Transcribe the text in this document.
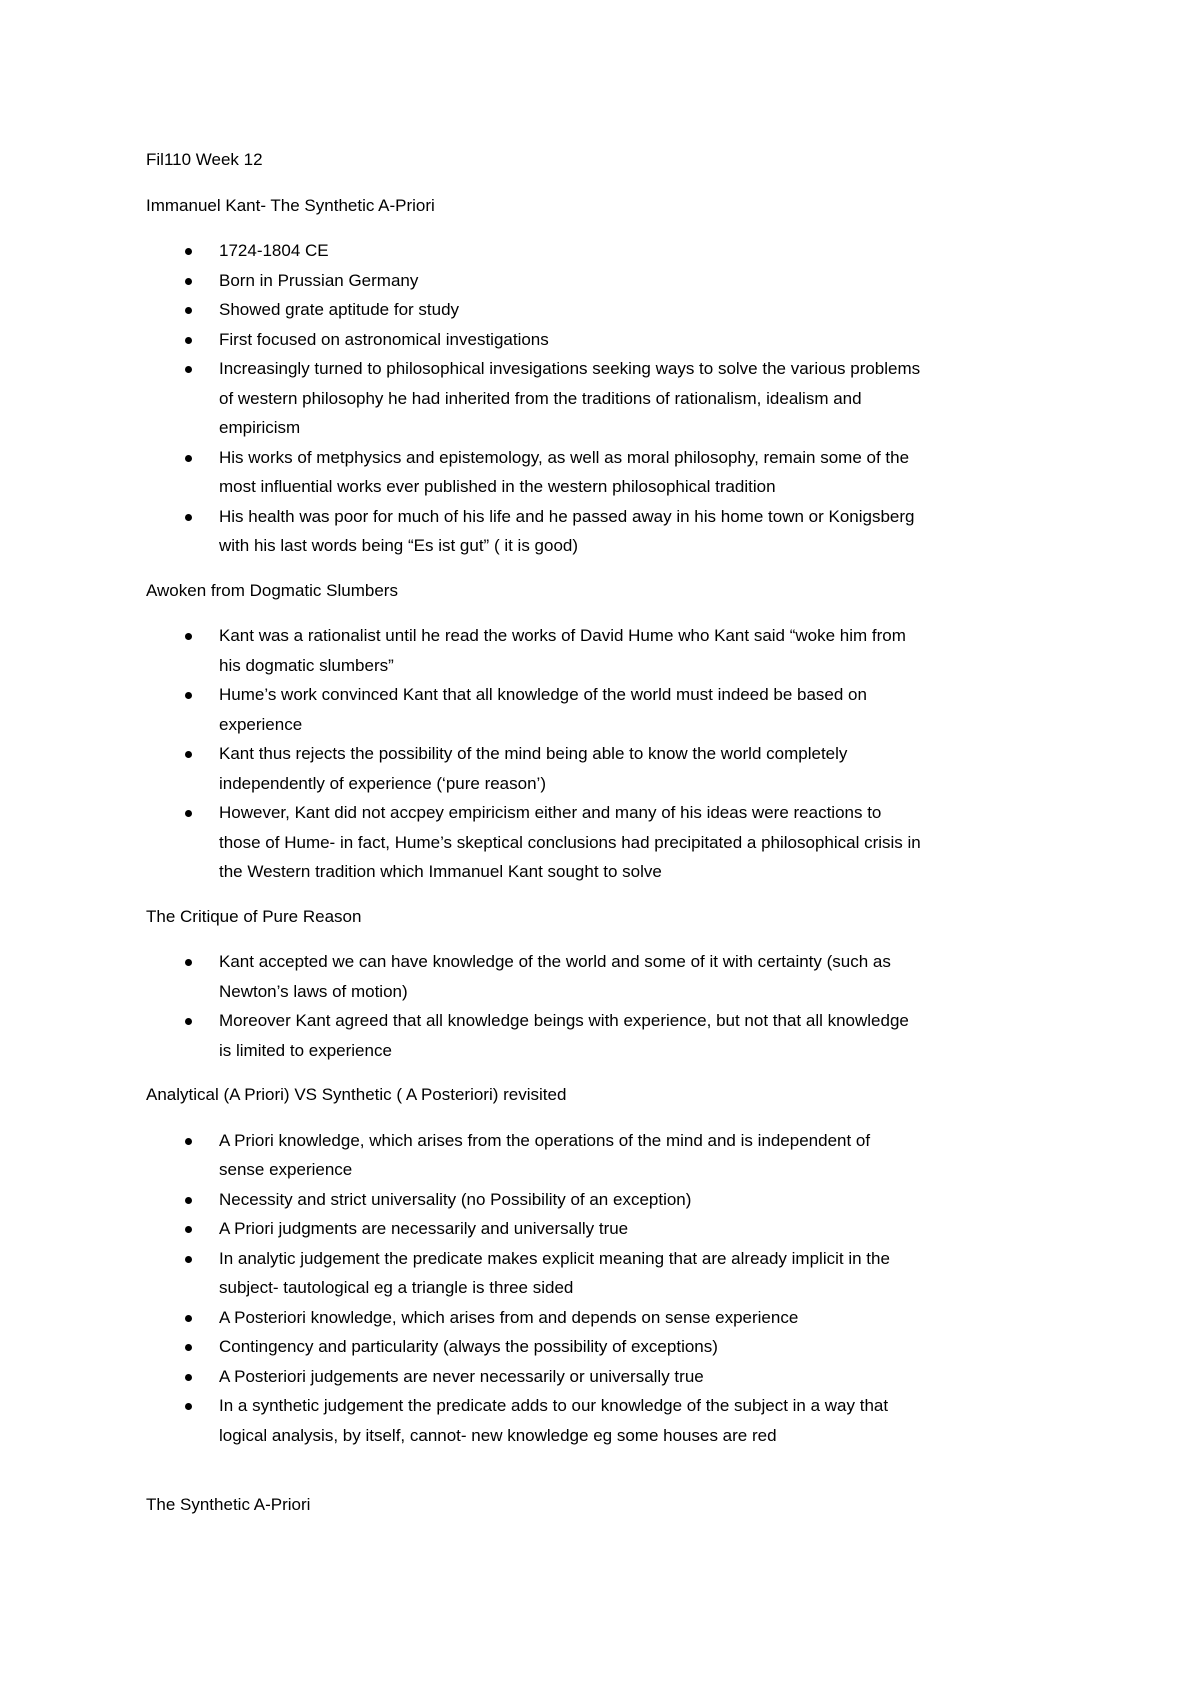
Fil110 Week 12
Immanuel Kant- The Synthetic A-Priori
1724-1804 CE
Born in Prussian Germany
Showed grate aptitude for study
First focused on astronomical investigations
Increasingly turned to philosophical invesigations seeking ways to solve the various problems
of western philosophy he had inherited from the traditions of rationalism, idealism and
empiricism
His works of metphysics and epistemology, as well as moral philosophy, remain some of the
most influential works ever published in the western philosophical tradition
His health was poor for much of his life and he passed away in his home town or Konigsberg
with his last words being “Es ist gut” ( it is good)
Awoken from Dogmatic Slumbers
Kant was a rationalist until he read the works of David Hume who Kant said “woke him from
his dogmatic slumbers”
Hume’s work convinced Kant that all knowledge of the world must indeed be based on
experience
Kant thus rejects the possibility of the mind being able to know the world completely
independently of experience (‘pure reason’)
However, Kant did not accpey empiricism either and many of his ideas were reactions to
those of Hume- in fact, Hume’s skeptical conclusions had precipitated a philosophical crisis in
the Western tradition which Immanuel Kant sought to solve
The Critique of Pure Reason
Kant accepted we can have knowledge of the world and some of it with certainty (such as
Newton’s laws of motion)
Moreover Kant agreed that all knowledge beings with experience, but not that all knowledge
is limited to experience
Analytical (A Priori) VS Synthetic ( A Posteriori) revisited
A Priori knowledge, which arises from the operations of the mind and is independent of
sense experience
Necessity and strict universality (no Possibility of an exception)
A Priori judgments are necessarily and universally true
In analytic judgement the predicate makes explicit meaning that are already implicit in the
subject- tautological eg a triangle is three sided
A Posteriori knowledge, which arises from and depends on sense experience
Contingency and particularity (always the possibility of exceptions)
A Posteriori judgements are never necessarily or universally true
In a synthetic judgement the predicate adds to our knowledge of the subject in a way that
logical analysis, by itself, cannot- new knowledge eg some houses are red
The Synthetic A-Priori
